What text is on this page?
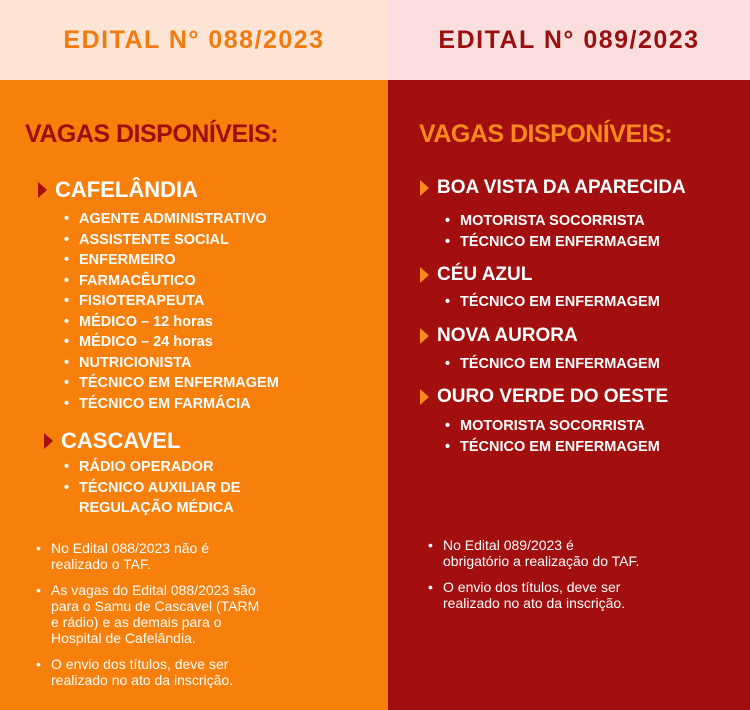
EDITAL N° 088/2023
VAGAS DISPONÍVEIS:
CAFELÂNDIA
• AGENTE ADMINISTRATIVO
• ASSISTENTE SOCIAL
• ENFERMEIRO
• FARMACÊUTICO
• FISIOTERAPEUTA
• MÉDICO – 12 horas
• MÉDICO – 24 horas
• NUTRICIONISTA
• TÉCNICO EM ENFERMAGEM
• TÉCNICO EM FARMÁCIA
CASCAVEL
• RÁDIO OPERADOR
• TÉCNICO AUXILIAR DE
REGULAÇÃO MÉDICA
• No Edital 088/2023 não é
realizado o TAF.
• As vagas do Edital 088/2023 são
para o Samu de Cascavel (TARM
e rádio) e as demais para o
Hospital de Cafelândia.
• O envio dos títulos, deve ser
realizado no ato da inscrição.
EDITAL N° 089/2023
VAGAS DISPONÍVEIS:
BOA VISTA DA APARECIDA
• MOTORISTA SOCORRISTA
• TÉCNICO EM ENFERMAGEM
CÉU AZUL
• TÉCNICO EM ENFERMAGEM
NOVA AURORA
• TÉCNICO EM ENFERMAGEM
OURO VERDE DO OESTE
• MOTORISTA SOCORRISTA
• TÉCNICO EM ENFERMAGEM
• No Edital 089/2023 é
obrigatório a realização do TAF.
• O envio dos títulos, deve ser
realizado no ato da inscrição.
